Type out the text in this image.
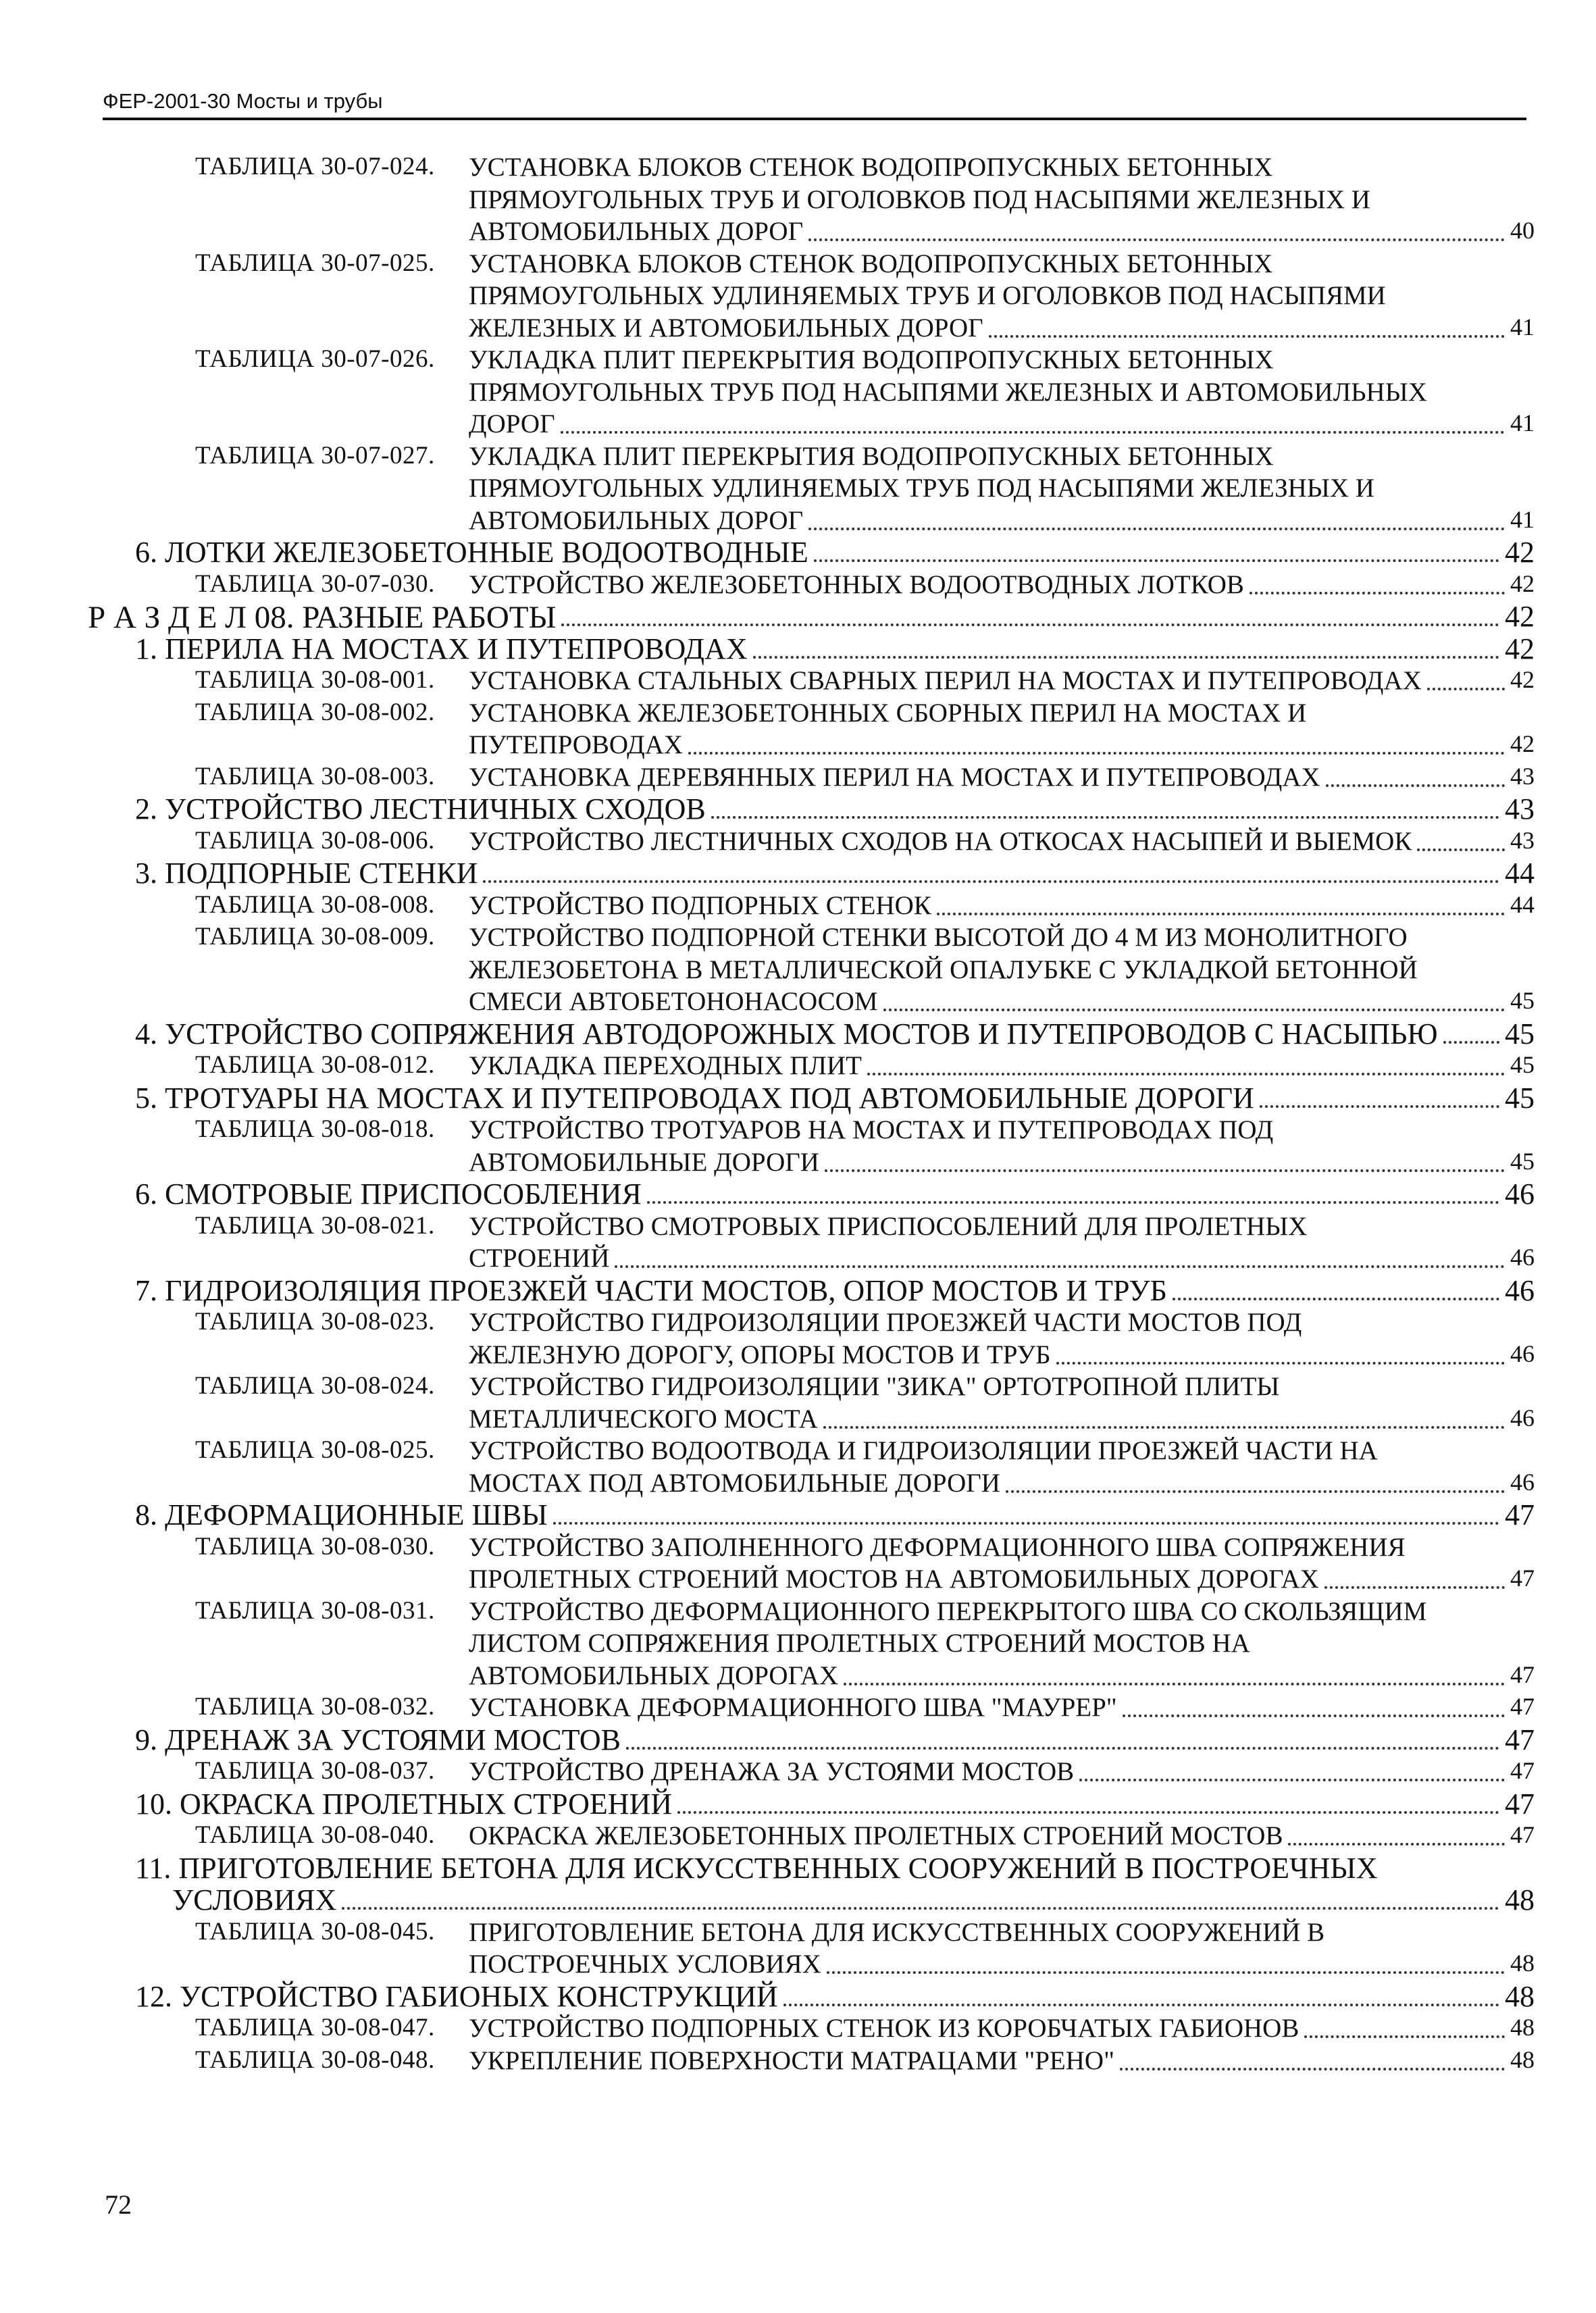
ФЕР-2001-30 Мосты и трубы
ТАБЛИЦА 30-07-024. УСТАНОВКА БЛОКОВ СТЕНОК ВОДОПРОПУСКНЫХ БЕТОННЫХ
ПРЯМОУГОЛЬНЫХ ТРУБ И ОГОЛОВКОВ ПОД НАСЫПЯМИ ЖЕЛЕЗНЫХ И
АВТОМОБИЛЬНЫХ ДОРОГ	40
ТАБЛИЦА 30-07-025. УСТАНОВКА БЛОКОВ СТЕНОК ВОДОПРОПУСКНЫХ БЕТОННЫХ
ПРЯМОУГОЛЬНЫХ УДЛИНЯЕМЫХ ТРУБ И ОГОЛОВКОВ ПОД НАСЫПЯМИ
ЖЕЛЕЗНЫХ И АВТОМОБИЛЬНЫХ ДОРОГ	41
ТАБЛИЦА 30-07-026. УКЛАДКА ПЛИТ ПЕРЕКРЫТИЯ ВОДОПРОПУСКНЫХ БЕТОННЫХ
ПРЯМОУГОЛЬНЫХ ТРУБ ПОД НАСЫПЯМИ ЖЕЛЕЗНЫХ И АВТОМОБИЛЬНЫХ
ДОРОГ	41
ТАБЛИЦА 30-07-027. УКЛАДКА ПЛИТ ПЕРЕКРЫТИЯ ВОДОПРОПУСКНЫХ БЕТОННЫХ
ПРЯМОУГОЛЬНЫХ УДЛИНЯЕМЫХ ТРУБ ПОД НАСЫПЯМИ ЖЕЛЕЗНЫХ И
АВТОМОБИЛЬНЫХ ДОРОГ	41
6. ЛОТКИ ЖЕЛЕЗОБЕТОННЫЕ ВОДООТВОДНЫЕ	42
ТАБЛИЦА 30-07-030. УСТРОЙСТВО ЖЕЛЕЗОБЕТОННЫХ ВОДООТВОДНЫХ ЛОТКОВ	42
Р А З Д Е Л 08. РАЗНЫЕ РАБОТЫ	42
1. ПЕРИЛА НА МОСТАХ И ПУТЕПРОВОДАХ	42
ТАБЛИЦА 30-08-001. УСТАНОВКА СТАЛЬНЫХ СВАРНЫХ ПЕРИЛ НА МОСТАХ И ПУТЕПРОВОДАХ	42
ТАБЛИЦА 30-08-002. УСТАНОВКА ЖЕЛЕЗОБЕТОННЫХ СБОРНЫХ ПЕРИЛ НА МОСТАХ И
ПУТЕПРОВОДАХ	42
ТАБЛИЦА 30-08-003. УСТАНОВКА ДЕРЕВЯННЫХ ПЕРИЛ НА МОСТАХ И ПУТЕПРОВОДАХ	43
2. УСТРОЙСТВО ЛЕСТНИЧНЫХ СХОДОВ	43
ТАБЛИЦА 30-08-006. УСТРОЙСТВО ЛЕСТНИЧНЫХ СХОДОВ НА ОТКОСАХ НАСЫПЕЙ И ВЫЕМОК	43
3. ПОДПОРНЫЕ СТЕНКИ	44
ТАБЛИЦА 30-08-008. УСТРОЙСТВО ПОДПОРНЫХ СТЕНОК	44
ТАБЛИЦА 30-08-009. УСТРОЙСТВО ПОДПОРНОЙ СТЕНКИ ВЫСОТОЙ ДО 4 М ИЗ МОНОЛИТНОГО
ЖЕЛЕЗОБЕТОНА В МЕТАЛЛИЧЕСКОЙ ОПАЛУБКЕ С УКЛАДКОЙ БЕТОННОЙ
СМЕСИ АВТОБЕТОНОНАСОСОМ	45
4. УСТРОЙСТВО СОПРЯЖЕНИЯ АВТОДОРОЖНЫХ МОСТОВ И ПУТЕПРОВОДОВ С НАСЫПЬЮ 45
ТАБЛИЦА 30-08-012. УКЛАДКА ПЕРЕХОДНЫХ ПЛИТ	45
5. ТРОТУАРЫ НА МОСТАХ И ПУТЕПРОВОДАХ ПОД АВТОМОБИЛЬНЫЕ ДОРОГИ	45
ТАБЛИЦА 30-08-018. УСТРОЙСТВО ТРОТУАРОВ НА МОСТАХ И ПУТЕПРОВОДАХ ПОД
АВТОМОБИЛЬНЫЕ ДОРОГИ	45
6. СМОТРОВЫЕ ПРИСПОСОБЛЕНИЯ	46
ТАБЛИЦА 30-08-021. УСТРОЙСТВО СМОТРОВЫХ ПРИСПОСОБЛЕНИЙ ДЛЯ ПРОЛЕТНЫХ
СТРОЕНИЙ	46
7. ГИДРОИЗОЛЯЦИЯ ПРОЕЗЖЕЙ ЧАСТИ МОСТОВ, ОПОР МОСТОВ И ТРУБ	46
ТАБЛИЦА 30-08-023. УСТРОЙСТВО ГИДРОИЗОЛЯЦИИ ПРОЕЗЖЕЙ ЧАСТИ МОСТОВ ПОД
ЖЕЛЕЗНУЮ ДОРОГУ, ОПОРЫ МОСТОВ И ТРУБ	46
ТАБЛИЦА 30-08-024. УСТРОЙСТВО ГИДРОИЗОЛЯЦИИ "ЗИКА" ОРТОТРОПНОЙ ПЛИТЫ
МЕТАЛЛИЧЕСКОГО МОСТА	46
ТАБЛИЦА 30-08-025. УСТРОЙСТВО ВОДООТВОДА И ГИДРОИЗОЛЯЦИИ ПРОЕЗЖЕЙ ЧАСТИ НА
МОСТАХ ПОД АВТОМОБИЛЬНЫЕ ДОРОГИ	46
8. ДЕФОРМАЦИОННЫЕ ШВЫ	47
ТАБЛИЦА 30-08-030. УСТРОЙСТВО ЗАПОЛНЕННОГО ДЕФОРМАЦИОННОГО ШВА СОПРЯЖЕНИЯ
ПРОЛЕТНЫХ СТРОЕНИЙ МОСТОВ НА АВТОМОБИЛЬНЫХ ДОРОГАХ	47
ТАБЛИЦА 30-08-031. УСТРОЙСТВО ДЕФОРМАЦИОННОГО ПЕРЕКРЫТОГО ШВА СО СКОЛЬЗЯЩИМ
ЛИСТОМ СОПРЯЖЕНИЯ ПРОЛЕТНЫХ СТРОЕНИЙ МОСТОВ НА
АВТОМОБИЛЬНЫХ ДОРОГАХ	47
ТАБЛИЦА 30-08-032. УСТАНОВКА ДЕФОРМАЦИОННОГО ШВА "МАУРЕР"	47
9. ДРЕНАЖ ЗА УСТОЯМИ МОСТОВ	47
ТАБЛИЦА 30-08-037. УСТРОЙСТВО ДРЕНАЖА ЗА УСТОЯМИ МОСТОВ	47
10. ОКРАСКА ПРОЛЕТНЫХ СТРОЕНИЙ	47
ТАБЛИЦА 30-08-040. ОКРАСКА ЖЕЛЕЗОБЕТОННЫХ ПРОЛЕТНЫХ СТРОЕНИЙ МОСТОВ	47
11. ПРИГОТОВЛЕНИЕ БЕТОНА ДЛЯ ИСКУССТВЕННЫХ СООРУЖЕНИЙ В ПОСТРОЕЧНЫХ
УСЛОВИЯХ	48
ТАБЛИЦА 30-08-045. ПРИГОТОВЛЕНИЕ БЕТОНА ДЛЯ ИСКУССТВЕННЫХ СООРУЖЕНИЙ В
ПОСТРОЕЧНЫХ УСЛОВИЯХ	48
12. УСТРОЙСТВО ГАБИОНЫХ КОНСТРУКЦИЙ	48
ТАБЛИЦА 30-08-047. УСТРОЙСТВО ПОДПОРНЫХ СТЕНОК ИЗ КОРОБЧАТЫХ ГАБИОНОВ	48
ТАБЛИЦА 30-08-048. УКРЕПЛЕНИЕ ПОВЕРХНОСТИ МАТРАЦАМИ "РЕНО"	48
72
